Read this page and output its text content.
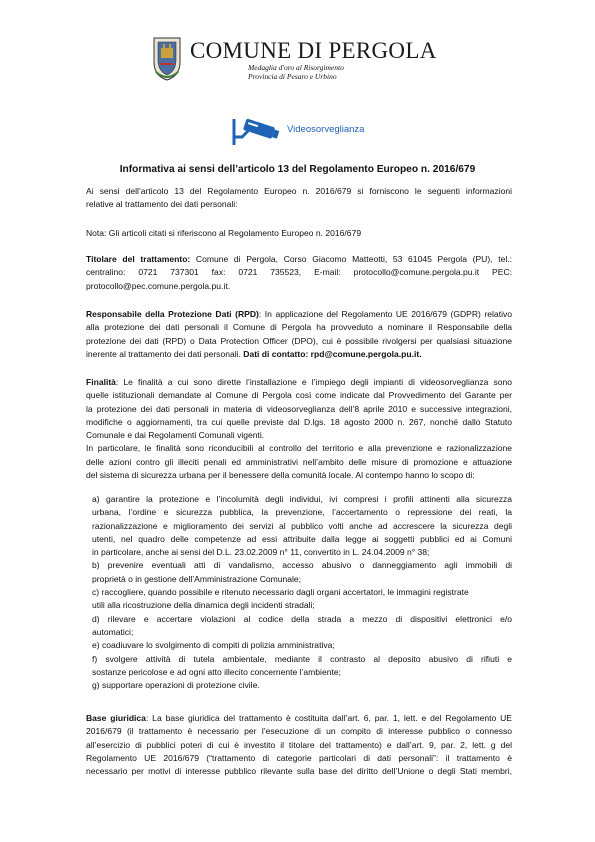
COMUNE DI PERGOLA
Medaglia d'oro al Risorgimento
Provincia di Pesaro e Urbino
Videosorveglianza
Informativa ai sensi dell’articolo 13 del Regolamento Europeo n. 2016/679
Ai sensi dell’articolo 13 del Regolamento Europeo n. 2016/679 si forniscono le seguenti informazioni
relative al trattamento dei dati personali:
Nota: Gli articoli citati si riferiscono al Regolamento Europeo n. 2016/679
Titolare del trattamento: Comune di Pergola, Corso Giacomo Matteotti, 53 61045 Pergola (PU), tel.:
centralino: 0721 737301 fax: 0721 735523, E-mail: protocollo@comune.pergola.pu.it PEC:
protocollo@pec.comune.pergola.pu.it.
Responsabile della Protezione Dati (RPD): In applicazione del Regolamento UE 2016/679 (GDPR) relativo
alla protezione dei dati personali il Comune di Pergola ha provveduto a nominare il Responsabile della
protezione dei dati (RPD) o Data Protection Officer (DPO), cui è possibile rivolgersi per qualsiasi situazione
inerente al trattamento dei dati personali. Dati di contatto: rpd@comune.pergola.pu.it.
Finalità: Le finalità a cui sono dirette l’installazione e l’impiego degli impianti di videosorveglianza sono
quelle istituzionali demandate al Comune di Pergola così come indicate dal Provvedimento del Garante per
la protezione dei dati personali in materia di videosorveglianza dell’8 aprile 2010 e successive integrazioni,
modifiche o aggiornamenti, tra cui quelle previste dal D.lgs. 18 agosto 2000 n. 267, nonché dallo Statuto
Comunale e dai Regolamenti Comunali vigenti.
In particolare, le finalità sono riconducibili al controllo del territorio e alla prevenzione e razionalizzazione
delle azioni contro gli illeciti penali ed amministrativi nell’ambito delle misure di promozione e attuazione
del sistema di sicurezza urbana per il benessere della comunità locale. Al contempo hanno lo scopo di:
a) garantire la protezione e l’incolumità degli individui, ivi compresi i profili attinenti alla sicurezza
urbana, l’ordine e sicurezza pubblica, la prevenzione, l’accertamento o repressione dei reati, la
razionalizzazione e miglioramento dei servizi al pubblico volti anche ad accrescere la sicurezza degli
utenti, nel quadro delle competenze ad essi attribuite dalla legge ai soggetti pubblici ed ai Comuni
in particolare, anche ai sensi del D.L. 23.02.2009 n° 11, convertito in L. 24.04.2009 n° 38;
b) prevenire eventuali atti di vandalismo, accesso abusivo o danneggiamento agli immobili di
proprietà o in gestione dell’Amministrazione Comunale;
c) raccogliere, quando possibile e ritenuto necessario dagli organi accertatori, le immagini registrate
utili alla ricostruzione della dinamica degli incidenti stradali;
d) rilevare e accertare violazioni al codice della strada a mezzo di dispositivi elettronici e/o
automatici;
e) coadiuvare lo svolgimento di compiti di polizia amministrativa;
f) svolgere attività di tutela ambientale, mediante il contrasto al deposito abusivo di rifiuti e
sostanze pericolose e ad ogni atto illecito concernente l’ambiente;
g) supportare operazioni di protezione civile.
Base giuridica: La base giuridica del trattamento è costituita dall’art. 6, par. 1, lett. e del Regolamento UE
2016/679 (il trattamento è necessario per l’esecuzione di un compito di interesse pubblico o connesso
all’esercizio di pubblici poteri di cui è investito il titolare del trattamento) e dall’art. 9, par. 2, lett. g del
Regolamento UE 2016/679 (“trattamento di categorie particolari di dati personali”: il trattamento è
necessario per motivi di interesse pubblico rilevante sulla base del diritto dell’Unione o degli Stati membri,
